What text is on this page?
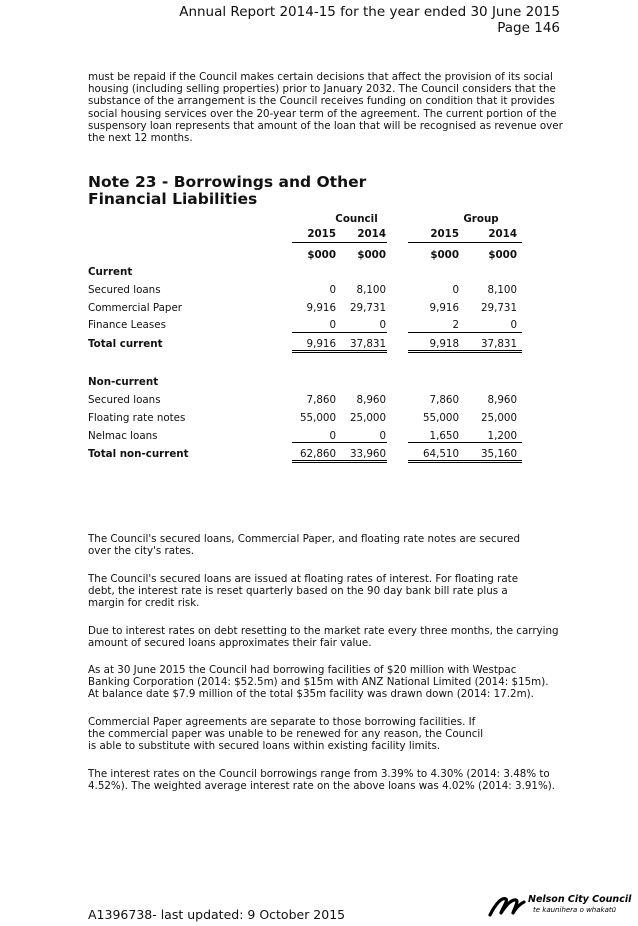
Annual Report 2014-15 for the year ended 30 June 2015
Page 146
must be repaid if the Council makes certain decisions that affect the provision of its social housing (including selling properties) prior to January 2032. The Council considers that the substance of the arrangement is the Council receives funding on condition that it provides social housing services over the 20-year term of the agreement. The current portion of the suspensory loan represents that amount of the loan that will be recognised as revenue over the next 12 months.
Note 23 - Borrowings and Other
Financial Liabilities
Council	Group
2015	2014	2015	2014
$000	$000	$000	$000
Current
Secured loans	0	8,100	0	8,100
Commercial Paper	9,916	29,731	9,916	29,731
Finance Leases	0	0	2	0
Total current	9,916	37,831	9,918	37,831
Non-current
Secured loans	7,860	8,960	7,860	8,960
Floating rate notes	55,000	25,000	55,000	25,000
Nelmac loans	0	0	1,650	1,200
Total non-current	62,860	33,960	64,510	35,160
The Council's secured loans, Commercial Paper, and floating rate notes are secured over the city's rates.
The Council's secured loans are issued at floating rates of interest. For floating rate debt, the interest rate is reset quarterly based on the 90 day bank bill rate plus a margin for credit risk.
Due to interest rates on debt resetting to the market rate every three months, the carrying amount of secured loans approximates their fair value.
As at 30 June 2015 the Council had borrowing facilities of $20 million with Westpac Banking Corporation (2014: $52.5m) and $15m with ANZ National Limited (2014: $15m). At balance date $7.9 million of the total $35m facility was drawn down (2014: 17.2m).
Commercial Paper agreements are separate to those borrowing facilities. If the commercial paper was unable to be renewed for any reason, the Council is able to substitute with secured loans within existing facility limits.
The interest rates on the Council borrowings range from 3.39% to 4.30% (2014: 3.48% to 4.52%). The weighted average interest rate on the above loans was 4.02% (2014: 3.91%).
A1396738- last updated: 9 October 2015
Nelson City Council
te kaunihera o whakatū
